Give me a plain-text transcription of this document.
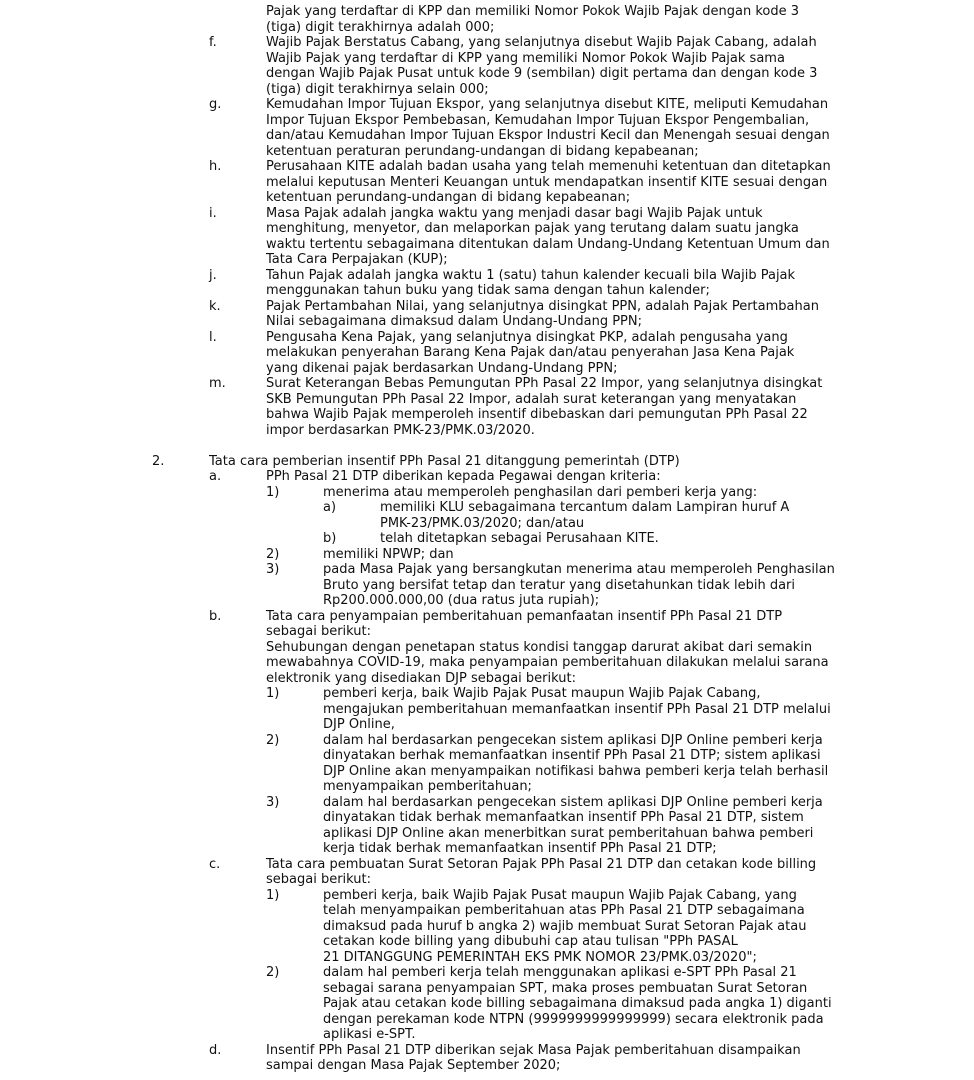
Pajak yang terdaftar di KPP dan memiliki Nomor Pokok Wajib Pajak dengan kode 3
(tiga) digit terakhirnya adalah 000;
f.	Wajib Pajak Berstatus Cabang, yang selanjutnya disebut Wajib Pajak Cabang, adalah
Wajib Pajak yang terdaftar di KPP yang memiliki Nomor Pokok Wajib Pajak sama
dengan Wajib Pajak Pusat untuk kode 9 (sembilan) digit pertama dan dengan kode 3
(tiga) digit terakhirnya selain 000;
g.	Kemudahan Impor Tujuan Ekspor, yang selanjutnya disebut KITE, meliputi Kemudahan
Impor Tujuan Ekspor Pembebasan, Kemudahan Impor Tujuan Ekspor Pengembalian,
dan/atau Kemudahan Impor Tujuan Ekspor Industri Kecil dan Menengah sesuai dengan
ketentuan peraturan perundang-undangan di bidang kepabeanan;
h.	Perusahaan KITE adalah badan usaha yang telah memenuhi ketentuan dan ditetapkan
melalui keputusan Menteri Keuangan untuk mendapatkan insentif KITE sesuai dengan
ketentuan perundang-undangan di bidang kepabeanan;
i.	Masa Pajak adalah jangka waktu yang menjadi dasar bagi Wajib Pajak untuk
menghitung, menyetor, dan melaporkan pajak yang terutang dalam suatu jangka
waktu tertentu sebagaimana ditentukan dalam Undang-Undang Ketentuan Umum dan
Tata Cara Perpajakan (KUP);
j.	Tahun Pajak adalah jangka waktu 1 (satu) tahun kalender kecuali bila Wajib Pajak
menggunakan tahun buku yang tidak sama dengan tahun kalender;
k.	Pajak Pertambahan Nilai, yang selanjutnya disingkat PPN, adalah Pajak Pertambahan
Nilai sebagaimana dimaksud dalam Undang-Undang PPN;
l.	Pengusaha Kena Pajak, yang selanjutnya disingkat PKP, adalah pengusaha yang
melakukan penyerahan Barang Kena Pajak dan/atau penyerahan Jasa Kena Pajak
yang dikenai pajak berdasarkan Undang-Undang PPN;
m.	Surat Keterangan Bebas Pemungutan PPh Pasal 22 Impor, yang selanjutnya disingkat
SKB Pemungutan PPh Pasal 22 Impor, adalah surat keterangan yang menyatakan
bahwa Wajib Pajak memperoleh insentif dibebaskan dari pemungutan PPh Pasal 22
impor berdasarkan PMK-23/PMK.03/2020.
2.	Tata cara pemberian insentif PPh Pasal 21 ditanggung pemerintah (DTP)
a.	PPh Pasal 21 DTP diberikan kepada Pegawai dengan kriteria:
1)	menerima atau memperoleh penghasilan dari pemberi kerja yang:
a)	memiliki KLU sebagaimana tercantum dalam Lampiran huruf A
PMK-23/PMK.03/2020; dan/atau
b)	telah ditetapkan sebagai Perusahaan KITE.
2)	memiliki NPWP; dan
3)	pada Masa Pajak yang bersangkutan menerima atau memperoleh Penghasilan
Bruto yang bersifat tetap dan teratur yang disetahunkan tidak lebih dari
Rp200.000.000,00 (dua ratus juta rupiah);
b.	Tata cara penyampaian pemberitahuan pemanfaatan insentif PPh Pasal 21 DTP
sebagai berikut:
Sehubungan dengan penetapan status kondisi tanggap darurat akibat dari semakin
mewabahnya COVID-19, maka penyampaian pemberitahuan dilakukan melalui sarana
elektronik yang disediakan DJP sebagai berikut:
1)	pemberi kerja, baik Wajib Pajak Pusat maupun Wajib Pajak Cabang,
mengajukan pemberitahuan memanfaatkan insentif PPh Pasal 21 DTP melalui
DJP Online,
2)	dalam hal berdasarkan pengecekan sistem aplikasi DJP Online pemberi kerja
dinyatakan berhak memanfaatkan insentif PPh Pasal 21 DTP; sistem aplikasi
DJP Online akan menyampaikan notifikasi bahwa pemberi kerja telah berhasil
menyampaikan pemberitahuan;
3)	dalam hal berdasarkan pengecekan sistem aplikasi DJP Online pemberi kerja
dinyatakan tidak berhak memanfaatkan insentif PPh Pasal 21 DTP, sistem
aplikasi DJP Online akan menerbitkan surat pemberitahuan bahwa pemberi
kerja tidak berhak memanfaatkan insentif PPh Pasal 21 DTP;
c.	Tata cara pembuatan Surat Setoran Pajak PPh Pasal 21 DTP dan cetakan kode billing
sebagai berikut:
1)	pemberi kerja, baik Wajib Pajak Pusat maupun Wajib Pajak Cabang, yang
telah menyampaikan pemberitahuan atas PPh Pasal 21 DTP sebagaimana
dimaksud pada huruf b angka 2) wajib membuat Surat Setoran Pajak atau
cetakan kode billing yang dibubuhi cap atau tulisan "PPh PASAL
21 DITANGGUNG PEMERINTAH EKS PMK NOMOR 23/PMK.03/2020";
2)	dalam hal pemberi kerja telah menggunakan aplikasi e-SPT PPh Pasal 21
sebagai sarana penyampaian SPT, maka proses pembuatan Surat Setoran
Pajak atau cetakan kode billing sebagaimana dimaksud pada angka 1) diganti
dengan perekaman kode NTPN (9999999999999999) secara elektronik pada
aplikasi e-SPT.
d.	Insentif PPh Pasal 21 DTP diberikan sejak Masa Pajak pemberitahuan disampaikan
sampai dengan Masa Pajak September 2020;
